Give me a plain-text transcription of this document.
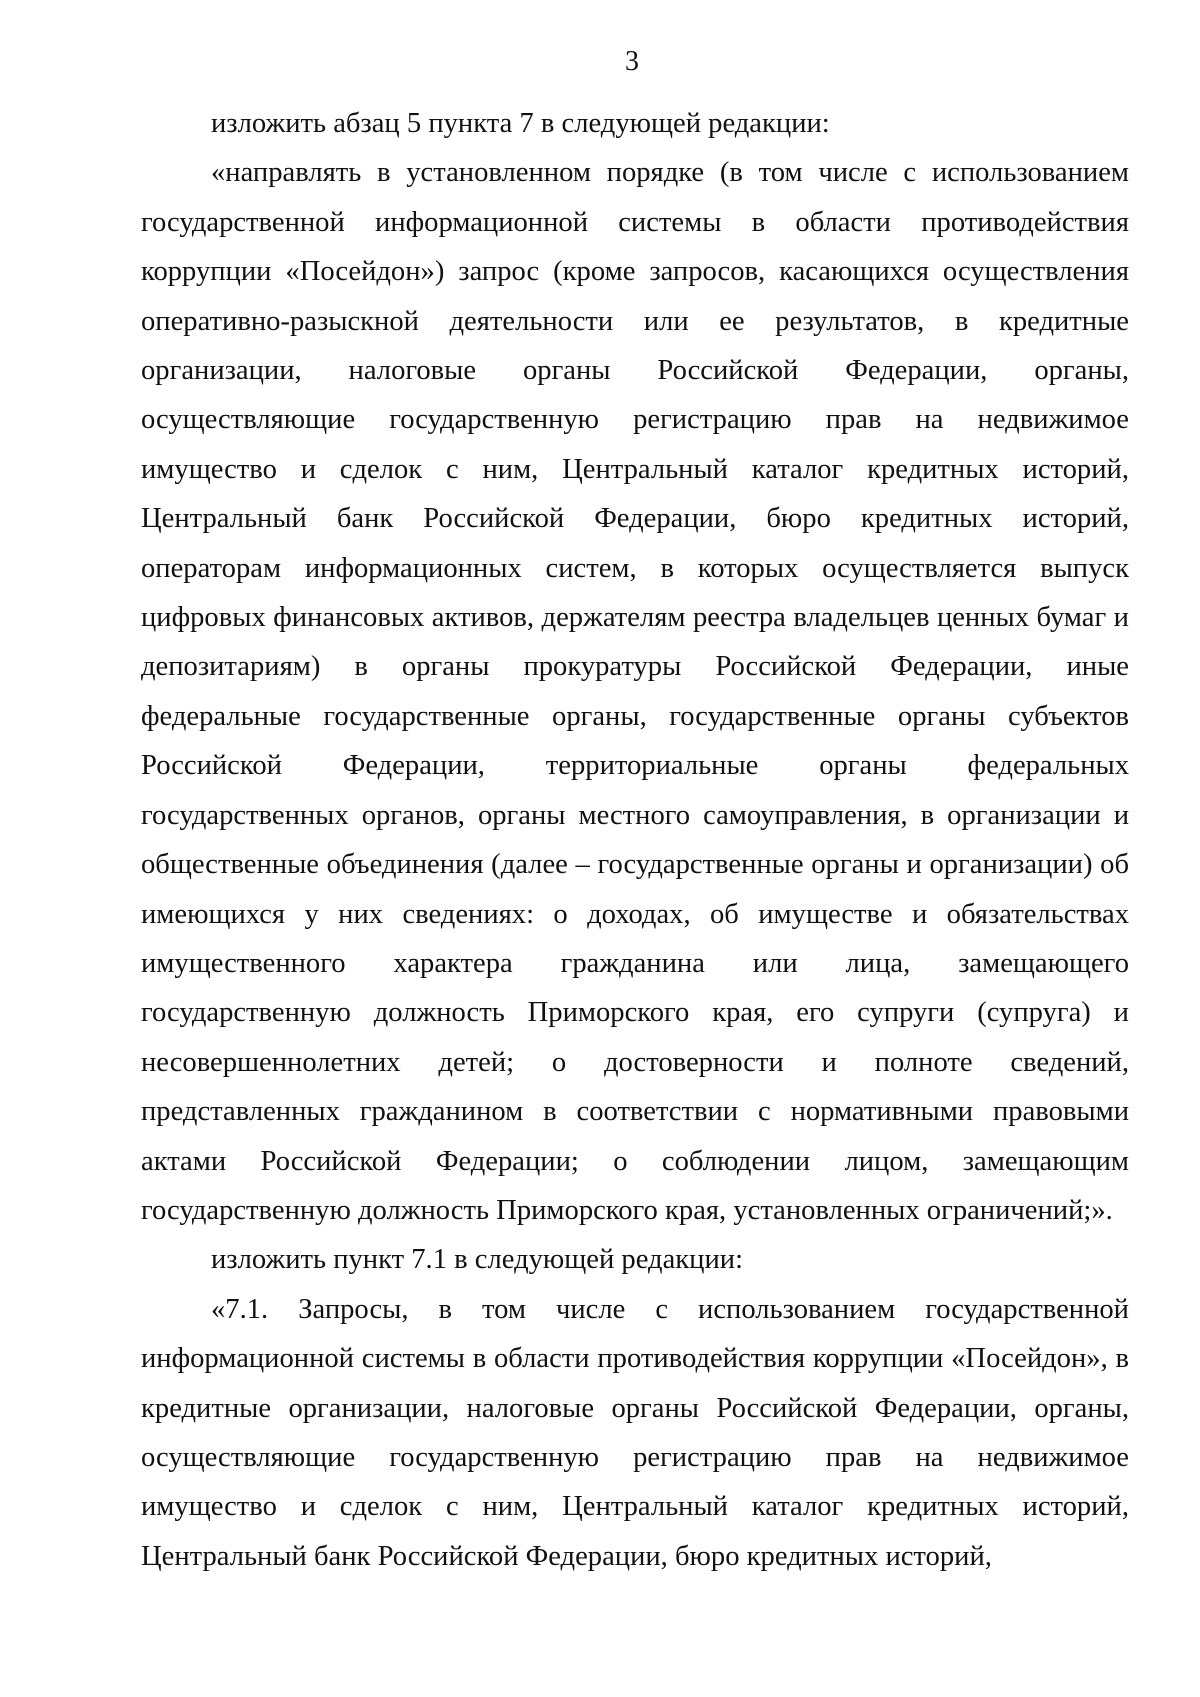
3

изложить абзац 5 пункта 7 в следующей редакции:

«направлять в установленном порядке (в том числе с использованием государственной информационной системы в области противодействия коррупции «Посейдон») запрос (кроме запросов, касающихся осуществления оперативно-разыскной деятельности или ее результатов, в кредитные организации, налоговые органы Российской Федерации, органы, осуществляющие государственную регистрацию прав на недвижимое имущество и сделок с ним, Центральный каталог кредитных историй, Центральный банк Российской Федерации, бюро кредитных историй, операторам информационных систем, в которых осуществляется выпуск цифровых финансовых активов, держателям реестра владельцев ценных бумаг и депозитариям) в органы прокуратуры Российской Федерации, иные федеральные государственные органы, государственные органы субъектов Российской Федерации, территориальные органы федеральных государственных органов, органы местного самоуправления, в организации и общественные объединения (далее – государственные органы и организации) об имеющихся у них сведениях: о доходах, об имуществе и обязательствах имущественного характера гражданина или лица, замещающего государственную должность Приморского края, его супруги (супруга) и несовершеннолетних детей; о достоверности и полноте сведений, представленных гражданином в соответствии с нормативными правовыми актами Российской Федерации; о соблюдении лицом, замещающим государственную должность Приморского края, установленных ограничений;».

изложить пункт 7.1 в следующей редакции:

«7.1. Запросы, в том числе с использованием государственной информационной системы в области противодействия коррупции «Посейдон», в кредитные организации, налоговые органы Российской Федерации, органы, осуществляющие государственную регистрацию прав на недвижимое имущество и сделок с ним, Центральный каталог кредитных историй, Центральный банк Российской Федерации, бюро кредитных историй,
